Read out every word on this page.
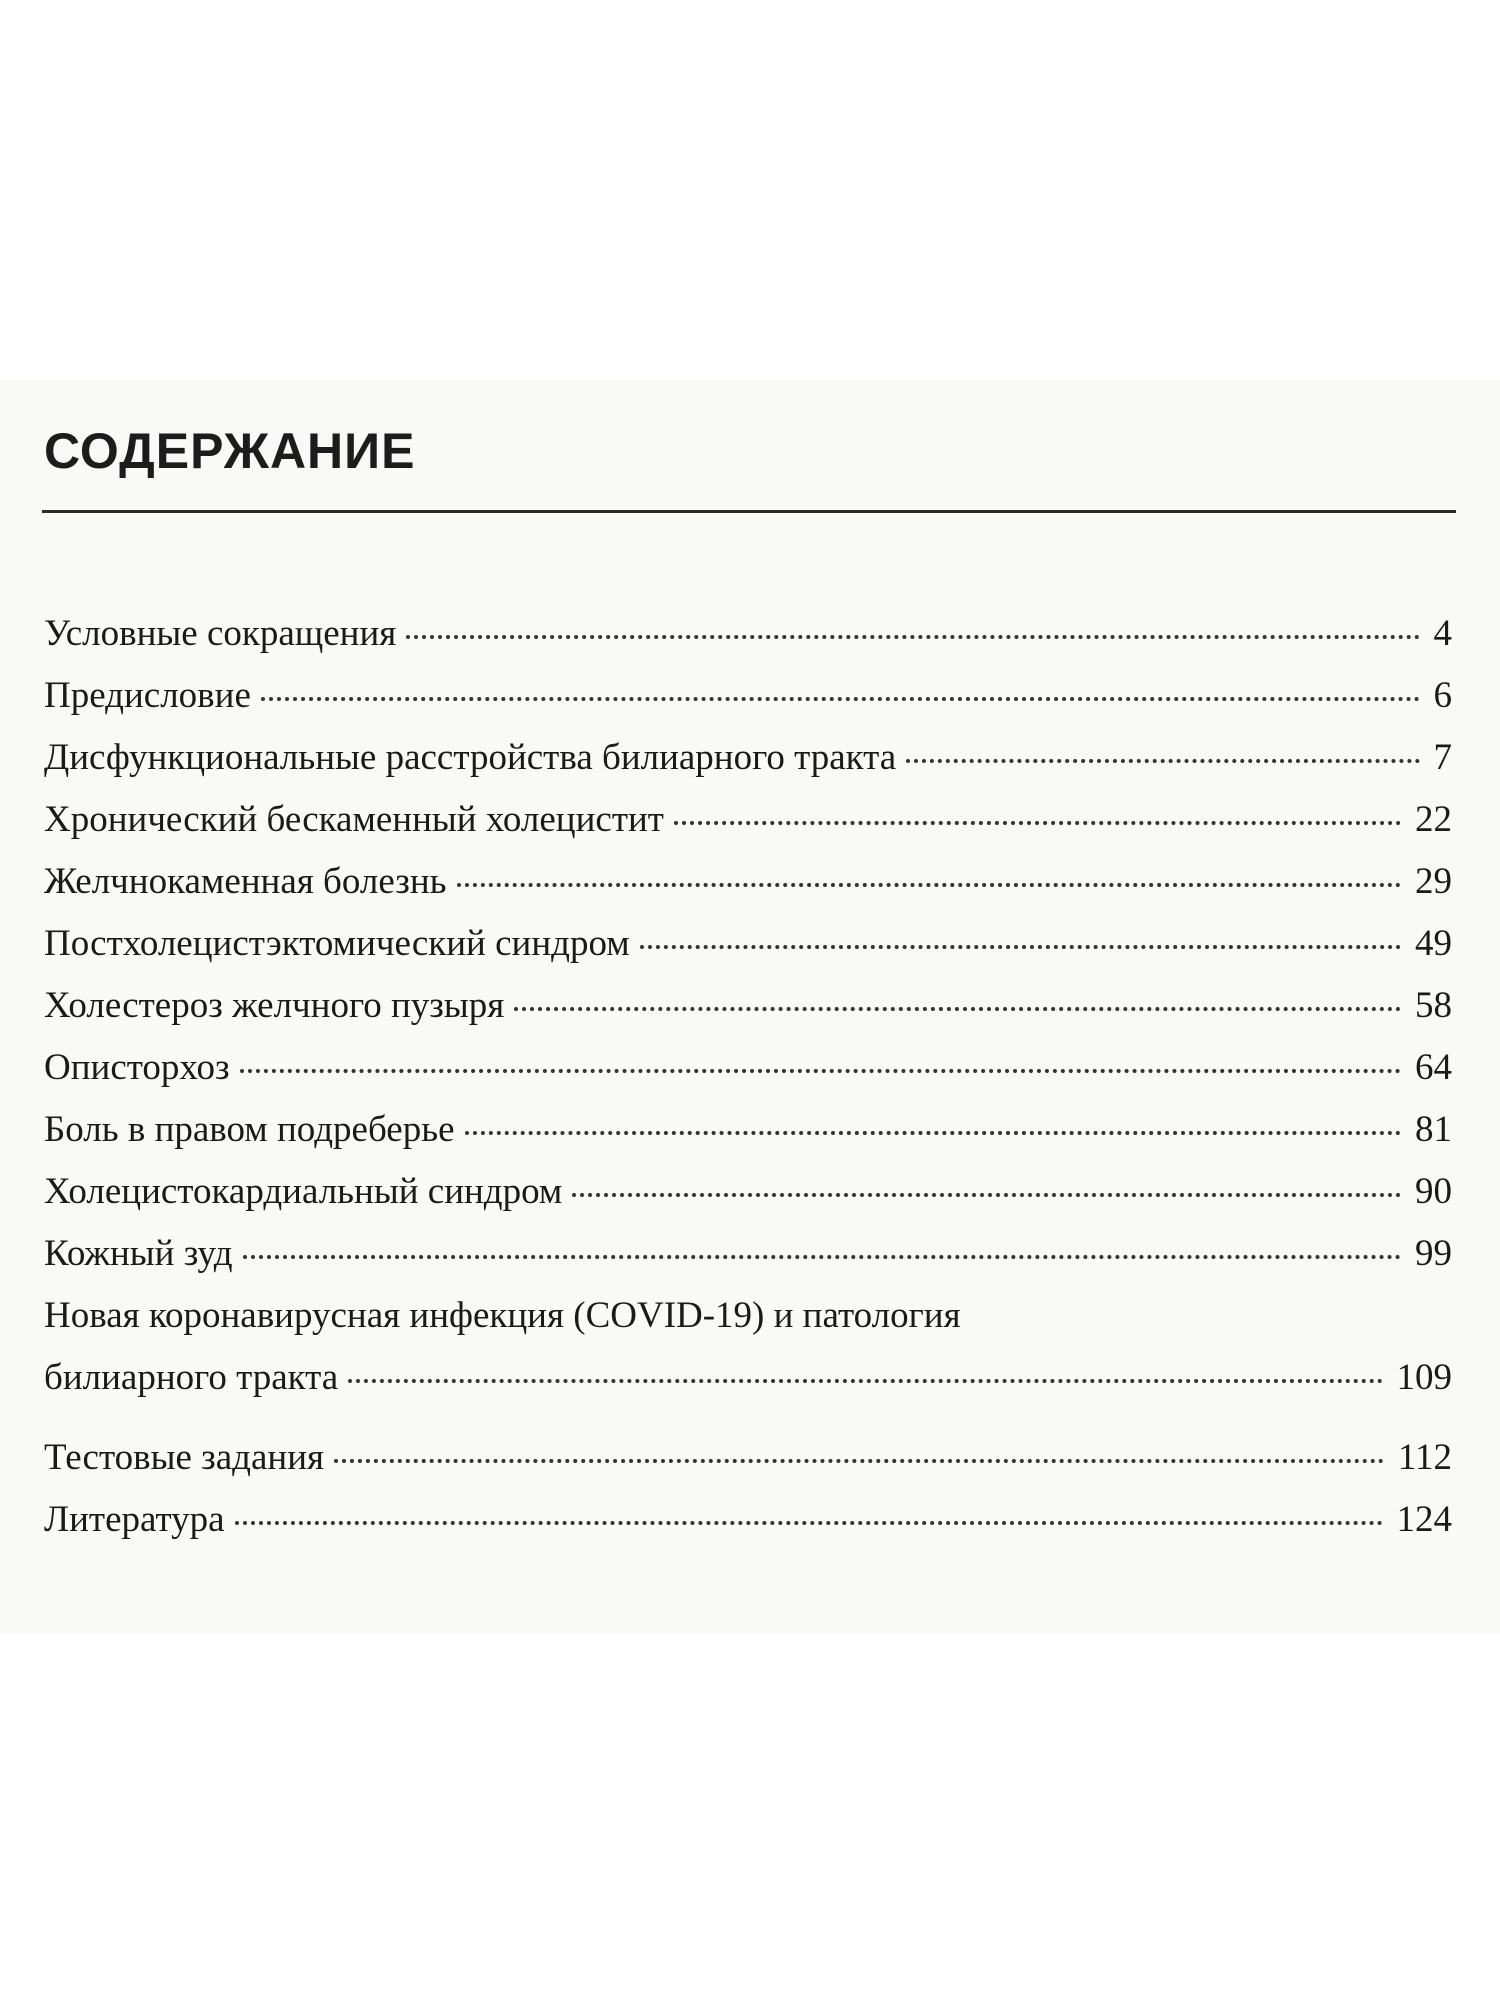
СОДЕРЖАНИЕ
Условные сокращения	4
Предисловие	6
Дисфункциональные расстройства билиарного тракта	7
Хронический бескаменный холецистит	22
Желчнокаменная болезнь	29
Постхолецистэктомический синдром	49
Холестероз желчного пузыря	58
Описторхоз	64
Боль в правом подреберье	81
Холецистокардиальный синдром	90
Кожный зуд	99
Новая коронавирусная инфекция (COVID-19) и патология
билиарного тракта	109
Тестовые задания	112
Литература	124
